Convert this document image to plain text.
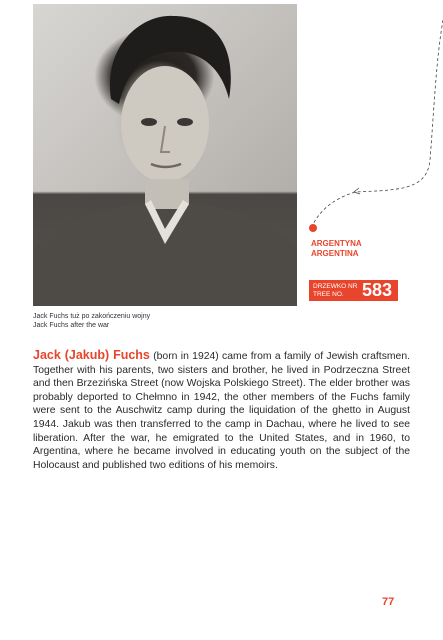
Jack Fuchs tuż po zakończeniu wojny
Jack Fuchs after the war
ARGENTYNA
ARGENTINA
DRZEWKO NR
TREE NO.	583
Jack (Jakub) Fuchs (born in 1924) came from a family of Jewish craftsmen. Together with his parents, two sisters and brother, he lived in Podrzeczna Street and then Brzezińska Street (now Wojska Polskiego Street). The elder brother was probably deported to Chełmno in 1942, the other members of the Fuchs family were sent to the Auschwitz camp during the liquidation of the ghetto in August 1944. Jakub was then transferred to the camp in Dachau, where he lived to see liberation. After the war, he emigrated to the United States, and in 1960, to Argentina, where he became involved in educating youth on the subject of the Holocaust and published two editions of his memoirs.
77
